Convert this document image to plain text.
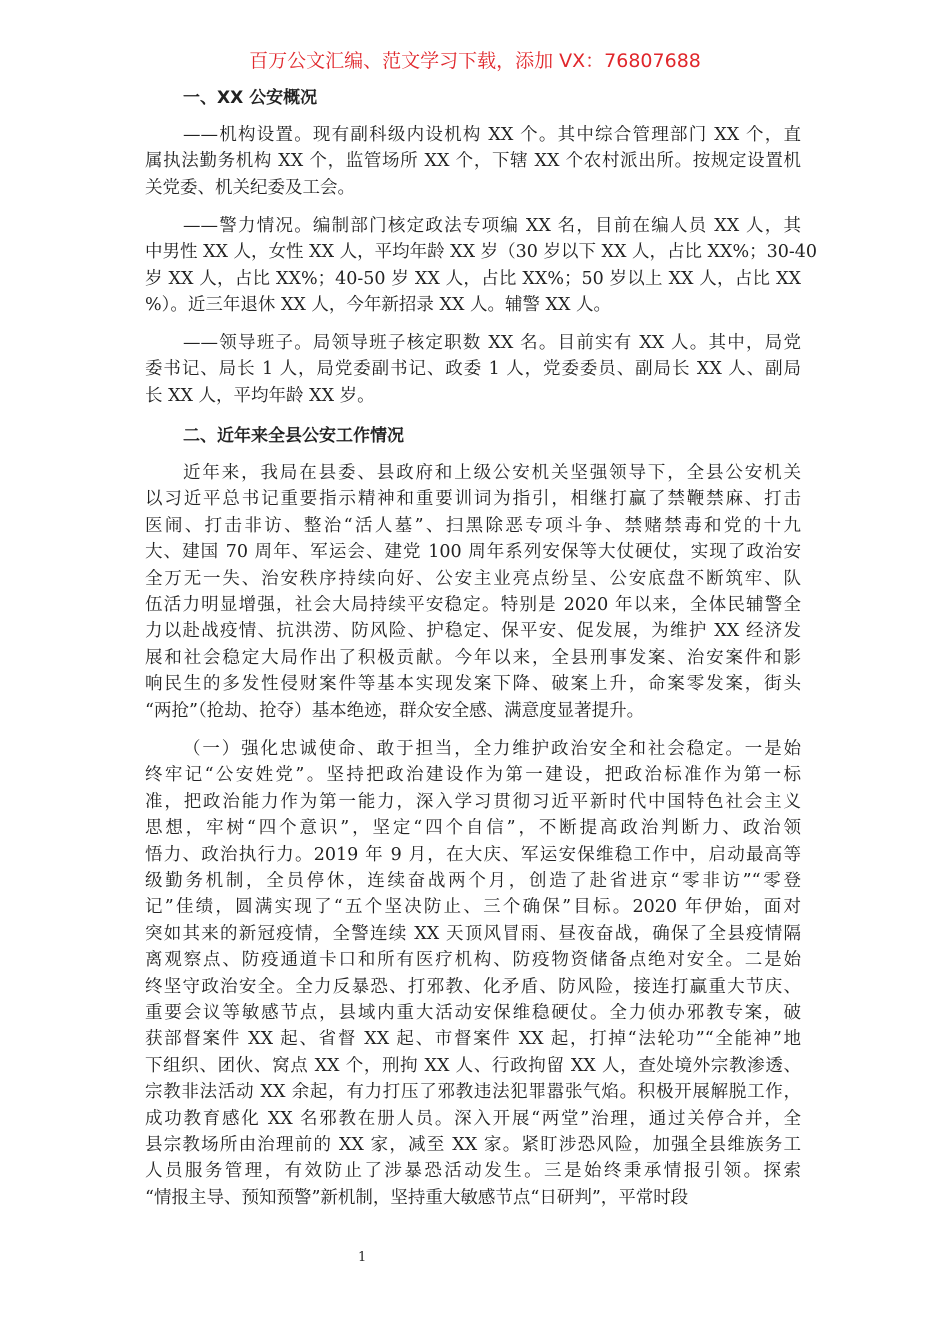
百万公文汇编、范文学习下载，添加 VX：76807688
一、XX 公安概况
——机构设置。现有副科级内设机构 XX 个。其中综合管理部门 XX 个，直
属执法勤务机构 XX 个，监管场所 XX 个，下辖 XX 个农村派出所。按规定设置机
关党委、机关纪委及工会。
——警力情况。编制部门核定政法专项编 XX 名，目前在编人员 XX 人，其
中男性 XX 人，女性 XX 人，平均年龄 XX 岁（30 岁以下 XX 人，占比 XX%；30-40
岁 XX 人，占比 XX%；40-50 岁 XX 人，占比 XX%；50 岁以上 XX 人，占比 XX
%）。近三年退休 XX 人，今年新招录 XX 人。辅警 XX 人。
——领导班子。局领导班子核定职数 XX 名。目前实有 XX 人。其中，局党
委书记、局长 1 人，局党委副书记、政委 1 人，党委委员、副局长 XX 人、副局
长 XX 人，平均年龄 XX 岁。
二、近年来全县公安工作情况
近年来，我局在县委、县政府和上级公安机关坚强领导下，全县公安机关
以习近平总书记重要指示精神和重要训词为指引，相继打赢了禁鞭禁麻、打击
医闹、打击非访、整治“活人墓”、扫黑除恶专项斗争、禁赌禁毒和党的十九
大、建国 70 周年、军运会、建党 100 周年系列安保等大仗硬仗，实现了政治安
全万无一失、治安秩序持续向好、公安主业亮点纷呈、公安底盘不断筑牢、队
伍活力明显增强，社会大局持续平安稳定。特别是 2020 年以来，全体民辅警全
力以赴战疫情、抗洪涝、防风险、护稳定、保平安、促发展，为维护 XX 经济发
展和社会稳定大局作出了积极贡献。今年以来，全县刑事发案、治安案件和影
响民生的多发性侵财案件等基本实现发案下降、破案上升，命案零发案，街头
“两抢”（抢劫、抢夺）基本绝迹，群众安全感、满意度显著提升。
（一）强化忠诚使命、敢于担当，全力维护政治安全和社会稳定。一是始
终牢记“公安姓党”。坚持把政治建设作为第一建设，把政治标准作为第一标
准，把政治能力作为第一能力，深入学习贯彻习近平新时代中国特色社会主义
思想，牢树“四个意识”，坚定“四个自信”，不断提高政治判断力、政治领
悟力、政治执行力。2019 年 9 月，在大庆、军运安保维稳工作中，启动最高等
级勤务机制，全员停休，连续奋战两个月，创造了赴省进京“零非访”“零登
记”佳绩，圆满实现了“五个坚决防止、三个确保”目标。2020 年伊始，面对
突如其来的新冠疫情，全警连续 XX 天顶风冒雨、昼夜奋战，确保了全县疫情隔
离观察点、防疫通道卡口和所有医疗机构、防疫物资储备点绝对安全。二是始
终坚守政治安全。全力反暴恐、打邪教、化矛盾、防风险，接连打赢重大节庆、
重要会议等敏感节点，县域内重大活动安保维稳硬仗。全力侦办邪教专案，破
获部督案件 XX 起、省督 XX 起、市督案件 XX 起，打掉“法轮功”“全能神”地
下组织、团伙、窝点 XX 个，刑拘 XX 人、行政拘留 XX 人，查处境外宗教渗透、
宗教非法活动 XX 余起，有力打压了邪教违法犯罪嚣张气焰。积极开展解脱工作，
成功教育感化 XX 名邪教在册人员。深入开展“两堂”治理，通过关停合并，全
县宗教场所由治理前的 XX 家，减至 XX 家。紧盯涉恐风险，加强全县维族务工
人员服务管理，有效防止了涉暴恐活动发生。三是始终秉承情报引领。探索
“情报主导、预知预警”新机制，坚持重大敏感节点“日研判”，平常时段
1
